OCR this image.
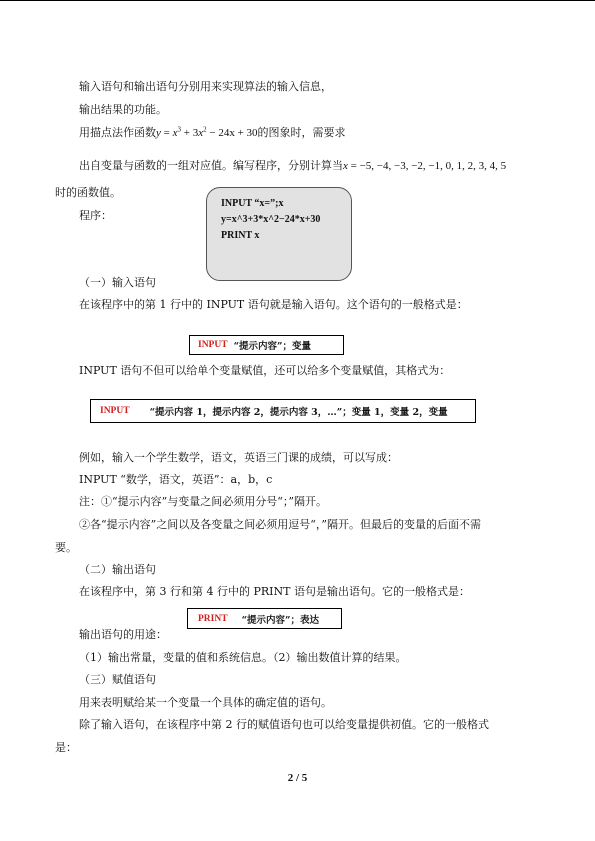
输入语句和输出语句分别用来实现算法的输入信息，
输出结果的功能。
用描点法作函数$y = x^3 + 3x^2 - 24x + 30$的图象时，需要求
出自变量与函数的一组对应值。编写程序，分别计算当x = −5, −4, −3, −2, −1, 0, 1, 2, 3, 4, 5
时的函数值。
程序：
INPUT “x=”;x
y=x^3+3*x^2−24*x+30
PRINT x
（一）输入语句
在该程序中的第 1 行中的 INPUT 语句就是输入语句。这个语句的一般格式是：
INPUT “提示内容”；变量
INPUT 语句不但可以给单个变量赋值，还可以给多个变量赋值，其格式为：
INPUT “提示内容 1，提示内容 2，提示内容 3，…”；变量 1，变量 2，变量
例如，输入一个学生数学，语文，英语三门课的成绩，可以写成：
INPUT “数学，语文，英语”：a，b，c
注：①“提示内容”与变量之间必须用分号“；”隔开。
②各“提示内容”之间以及各变量之间必须用逗号“，”隔开。但最后的变量的后面不需
要。
（二）输出语句
在该程序中，第 3 行和第 4 行中的 PRINT 语句是输出语句。它的一般格式是：
PRINT “提示内容”；表达
输出语句的用途：
（1）输出常量，变量的值和系统信息。（2）输出数值计算的结果。
（三）赋值语句
用来表明赋给某一个变量一个具体的确定值的语句。
除了输入语句，在该程序中第 2 行的赋值语句也可以给变量提供初值。它的一般格式
是：
2 / 5
